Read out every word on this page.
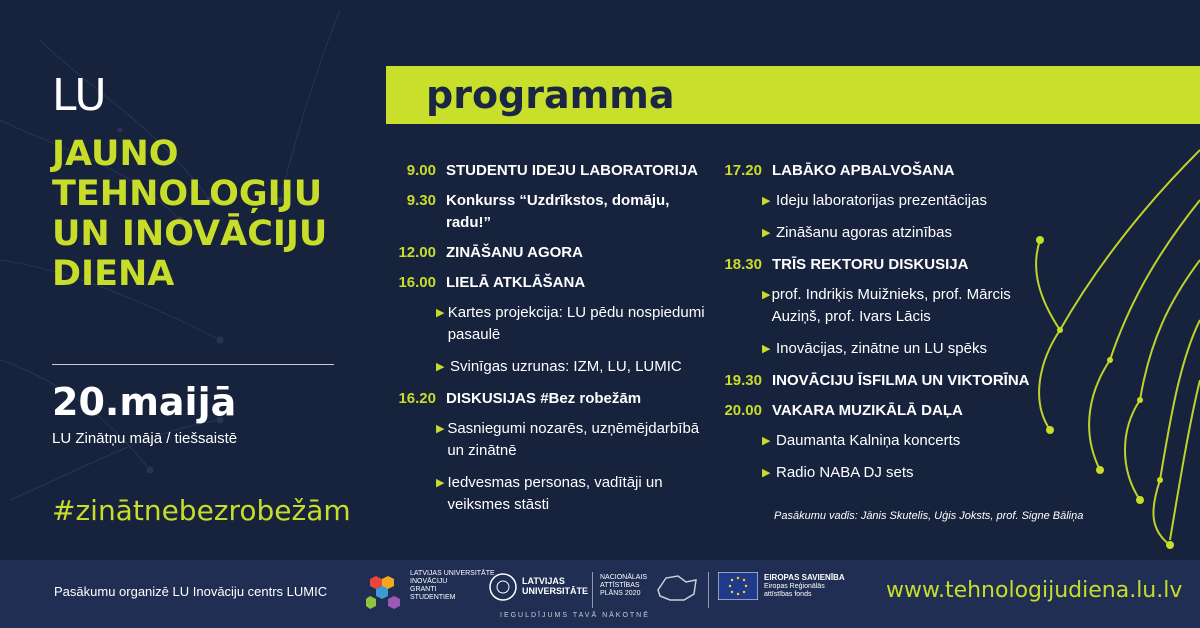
LU
JAUNO
TEHNOLOĢIJU
UN INOVĀCIJU
DIENA
20.maijā
LU Zinātņu mājā / tiešsaistē
#zinātnebezrobežām
programma
9.00 STUDENTU IDEJU LABORATORIJA
9.30 Konkurss “Uzdrīkstos, domāju, radu!”
12.00 ZINĀŠANU AGORA
16.00 LIELĀ ATKLĀŠANA
▶ Kartes projekcija: LU pēdu nospiedumi pasaulē
▶ Svinīgas uzrunas: IZM, LU, LUMIC
16.20 DISKUSIJAS #Bez robežām
▶ Sasniegumi nozarēs, uzņēmējdarbībā un zinātnē
▶ Iedvesmas personas, vadītāji un veiksmes stāsti
17.20 LABĀKO APBALVOŠANA
▶ Ideju laboratorijas prezentācijas
▶ Zināšanu agoras atzinības
18.30 TRĪS REKTORU DISKUSIJA
▶ prof. Indriķis Muižnieks, prof. Mārcis Auziņš, prof. Ivars Lācis
▶ Inovācijas, zinātne un LU spēks
19.30 INOVĀCIJU ĪSFILMA UN VIKTORĪNA
20.00 VAKARA MUZIKĀLĀ DAĻA
▶ Daumanta Kalniņa koncerts
▶ Radio NABA DJ sets
Pasākumu vadīs: Jānis Skutelis, Uģis Joksts, prof. Signe Bāliņa
Pasākumu organizē LU Inovāciju centrs LUMIC
LATVIJAS UNIVERSITĀTE
INOVĀCIJU
GRANTI
STUDENTIEM
LATVIJAS
UNIVERSITĀTE
NACIONĀLAIS
ATTĪSTĪBAS
PLĀNS 2020
EIROPAS SAVIENĪBA
Eiropas Reģionālās
attīstības fonds
IEGULDĪJUMS TAVĀ NĀKOTNĒ
www.tehnologijudiena.lu.lv
